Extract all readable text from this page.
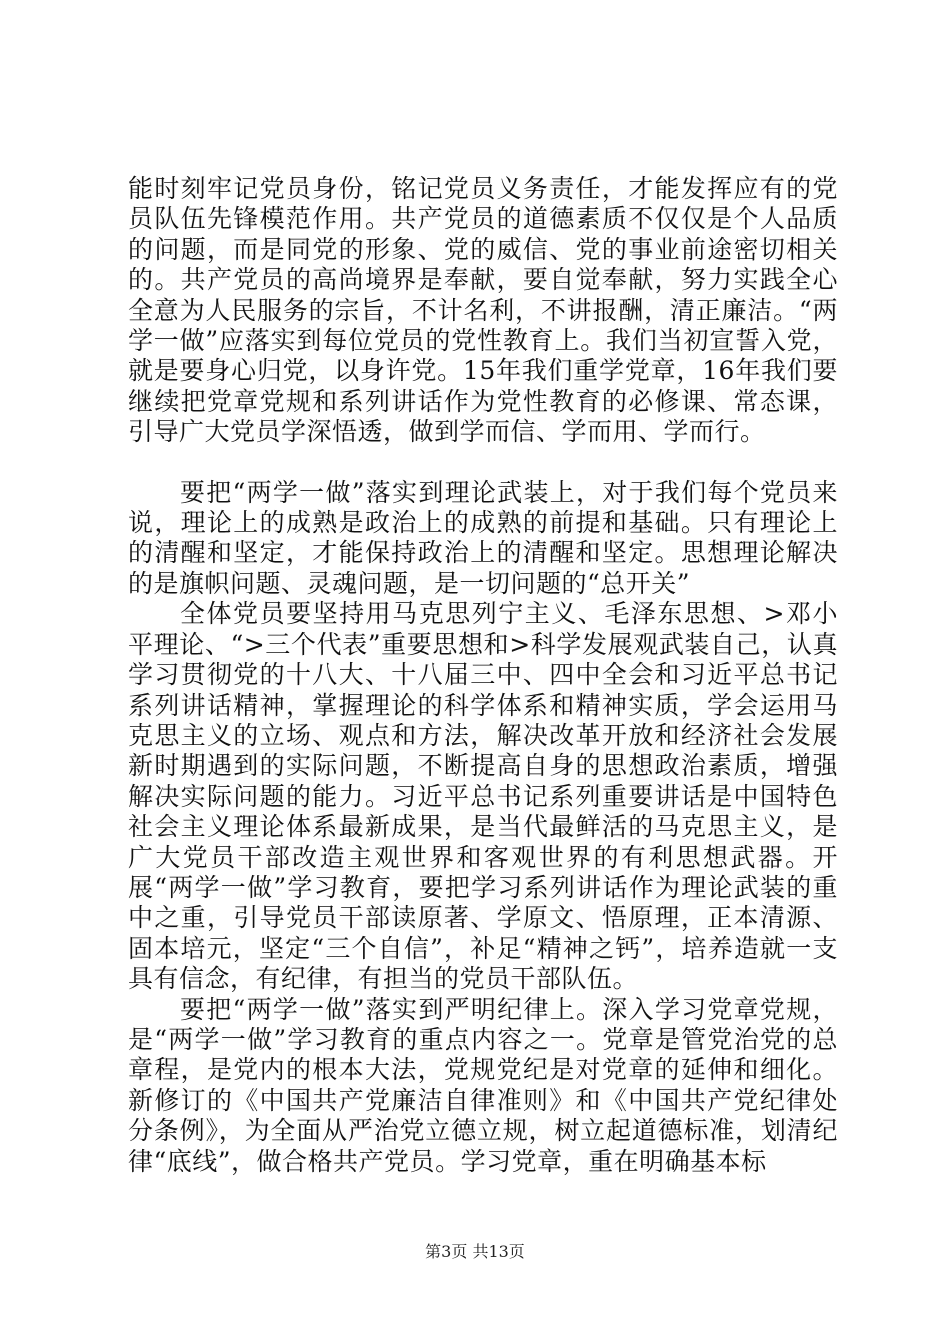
能时刻牢记党员身份，铭记党员义务责任，才能发挥应有的党员队伍先锋模范作用。共产党员的道德素质不仅仅是个人品质的问题，而是同党的形象、党的威信、党的事业前途密切相关的。共产党员的高尚境界是奉献，要自觉奉献，努力实践全心全意为人民服务的宗旨，不计名利，不讲报酬，清正廉洁。“两学一做”应落实到每位党员的党性教育上。我们当初宣誓入党，就是要身心归党，以身许党。15年我们重学党章，16年我们要继续把党章党规和系列讲话作为党性教育的必修课、常态课，引导广大党员学深悟透，做到学而信、学而用、学而行。

要把“两学一做”落实到理论武装上，对于我们每个党员来说，理论上的成熟是政治上的成熟的前提和基础。只有理论上的清醒和坚定，才能保持政治上的清醒和坚定。思想理论解决的是旗帜问题、灵魂问题，是一切问题的“总开关”

全体党员要坚持用马克思列宁主义、毛泽东思想、>邓小平理论、“>三个代表”重要思想和>科学发展观武装自己，认真学习贯彻党的十八大、十八届三中、四中全会和习近平总书记系列讲话精神，掌握理论的科学体系和精神实质，学会运用马克思主义的立场、观点和方法，解决改革开放和经济社会发展新时期遇到的实际问题，不断提高自身的思想政治素质，增强解决实际问题的能力。习近平总书记系列重要讲话是中国特色社会主义理论体系最新成果，是当代最鲜活的马克思主义，是广大党员干部改造主观世界和客观世界的有利思想武器。开展“两学一做”学习教育，要把学习系列讲话作为理论武装的重中之重，引导党员干部读原著、学原文、悟原理，正本清源、固本培元，坚定“三个自信”，补足“精神之钙”，培养造就一支具有信念，有纪律，有担当的党员干部队伍。

要把“两学一做”落实到严明纪律上。深入学习党章党规，是“两学一做”学习教育的重点内容之一。党章是管党治党的总章程，是党内的根本大法，党规党纪是对党章的延伸和细化。新修订的《中国共产党廉洁自律准则》和《中国共产党纪律处分条例》，为全面从严治党立德立规，树立起道德标准，划清纪律“底线”，做合格共产党员。学习党章，重在明确基本标

第3页 共13页
